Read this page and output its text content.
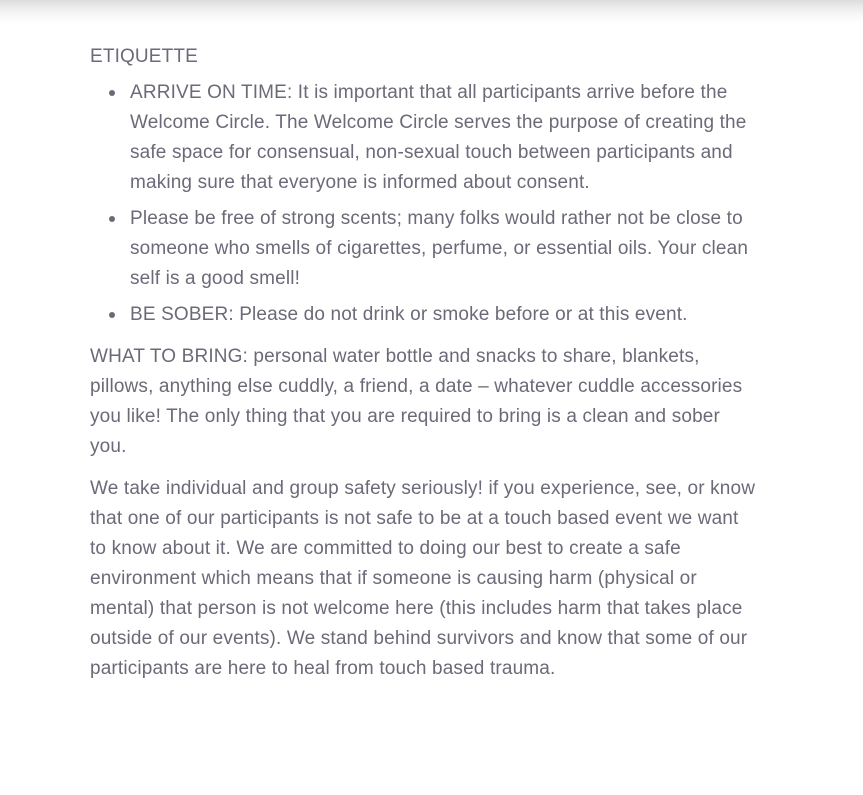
ETIQUETTE
ARRIVE ON TIME: It is important that all participants arrive before the Welcome Circle. The Welcome Circle serves the purpose of creating the safe space for consensual, non-sexual touch between participants and making sure that everyone is informed about consent.
Please be free of strong scents; many folks would rather not be close to someone who smells of cigarettes, perfume, or essential oils. Your clean self is a good smell!
BE SOBER: Please do not drink or smoke before or at this event.

WHAT TO BRING: personal water bottle and snacks to share, blankets, pillows, anything else cuddly, a friend, a date – whatever cuddle accessories you like! The only thing that you are required to bring is a clean and sober you.

We take individual and group safety seriously! if you experience, see, or know that one of our participants is not safe to be at a touch based event we want to know about it. We are committed to doing our best to create a safe environment which means that if someone is causing harm (physical or mental) that person is not welcome here (this includes harm that takes place outside of our events). We stand behind survivors and know that some of our participants are here to heal from touch based trauma.
